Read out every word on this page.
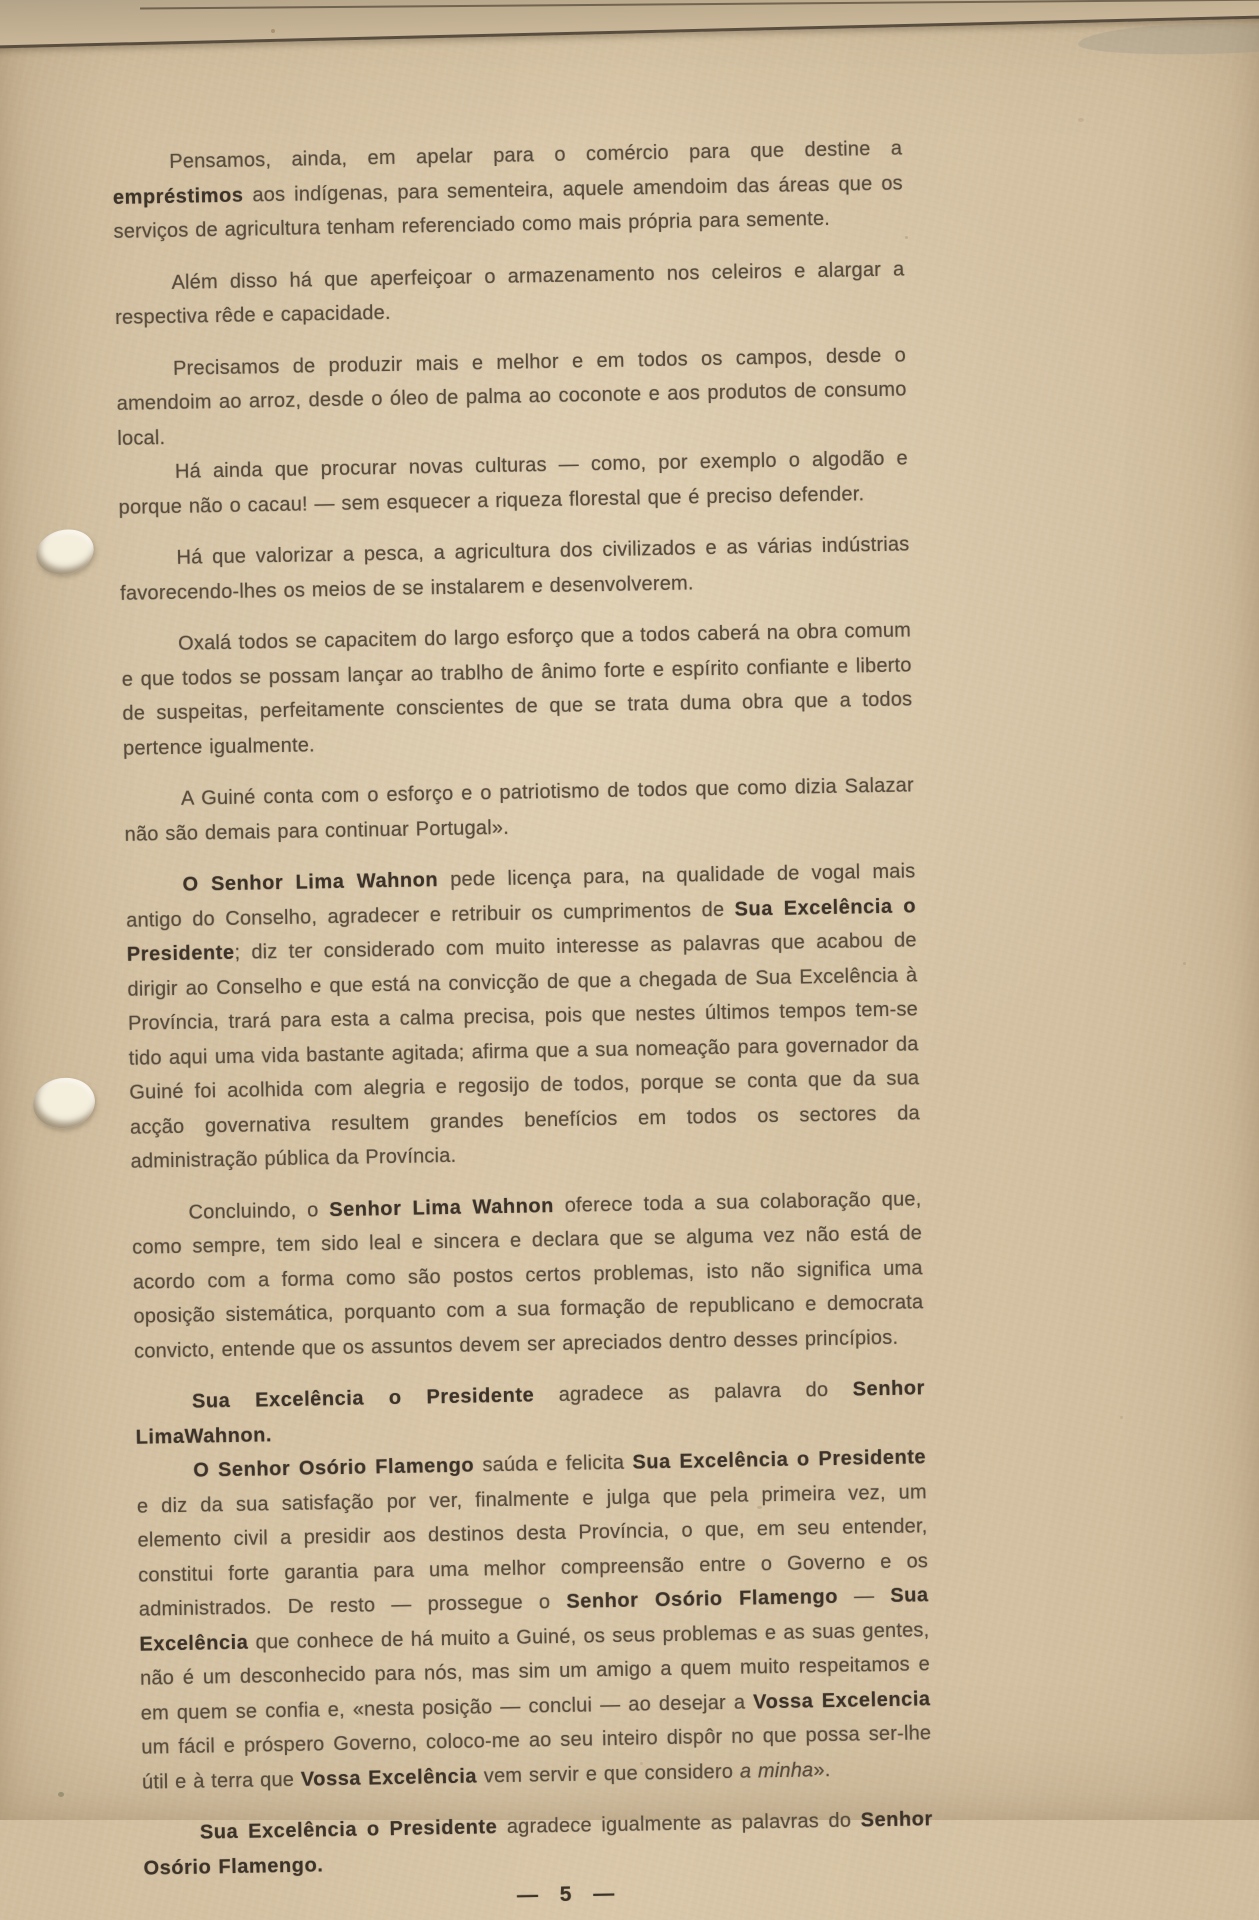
Pensamos, ainda, em apelar para o comércio para que destine a empréstimos aos indígenas, para sementeira, aquele amendoim das áreas que os serviços de agricultura tenham referenciado como mais própria para semente.

Além disso há que aperfeiçoar o armazenamento nos celeiros e alargar a respectiva rêde e capacidade.

Precisamos de produzir mais e melhor e em todos os campos, desde o amendoim ao arroz, desde o óleo de palma ao coconote e aos produtos de consumo local.

Há ainda que procurar novas culturas — como, por exemplo o algodão e porque não o cacau! — sem esquecer a riqueza florestal que é preciso defender.

Há que valorizar a pesca, a agricultura dos civilizados e as várias indústrias favorecendo-lhes os meios de se instalarem e desenvolverem.

Oxalá todos se capacitem do largo esforço que a todos caberá na obra comum e que todos se possam lançar ao trablho de ânimo forte e espírito confiante e liberto de suspeitas, perfeitamente conscientes de que se trata duma obra que a todos pertence igualmente.

A Guiné conta com o esforço e o patriotismo de todos que como dizia Salazar não são demais para continuar Portugal».

O Senhor Lima Wahnon pede licença para, na qualidade de vogal mais antigo do Conselho, agradecer e retribuir os cumprimentos de Sua Excelência o Presidente; diz ter considerado com muito interesse as palavras que acabou de dirigir ao Conselho e que está na convicção de que a chegada de Sua Excelência à Província, trará para esta a calma precisa, pois que nestes últimos tempos tem-se tido aqui uma vida bastante agitada; afirma que a sua nomeação para governador da Guiné foi acolhida com alegria e regosijo de todos, porque se conta que da sua acção governativa resultem grandes benefícios em todos os sectores da administração pública da Província.

Concluindo, o Senhor Lima Wahnon oferece toda a sua colaboração que, como sempre, tem sido leal e sincera e declara que se alguma vez não está de acordo com a forma como são postos certos problemas, isto não significa uma oposição sistemática, porquanto com a sua formação de republicano e democrata convicto, entende que os assuntos devem ser apreciados dentro desses princípios.

Sua Excelência o Presidente agradece as palavra do Senhor LimaWahnon.

O Senhor Osório Flamengo saúda e felicita Sua Excelência o Presidente e diz da sua satisfação por ver, finalmente e julga que pela primeira vez, um elemento civil a presidir aos destinos desta Província, o que, em seu entender, constitui forte garantia para uma melhor compreensão entre o Governo e os administrados. De resto — prossegue o Senhor Osório Flamengo — Sua Excelência que conhece de há muito a Guiné, os seus problemas e as suas gentes, não é um desconhecido para nós, mas sim um amigo a quem muito respeitamos e em quem se confia e, «nesta posição — conclui — ao desejar a Vossa Excelencia um fácil e próspero Governo, coloco-me ao seu inteiro dispôr no que possa ser-lhe útil e à terra que Vossa Excelência vem servir e que considero a minha».

Sua Excelência o Presidente agradece igualmente as palavras do Senhor Osório Flamengo.

— 5 —
